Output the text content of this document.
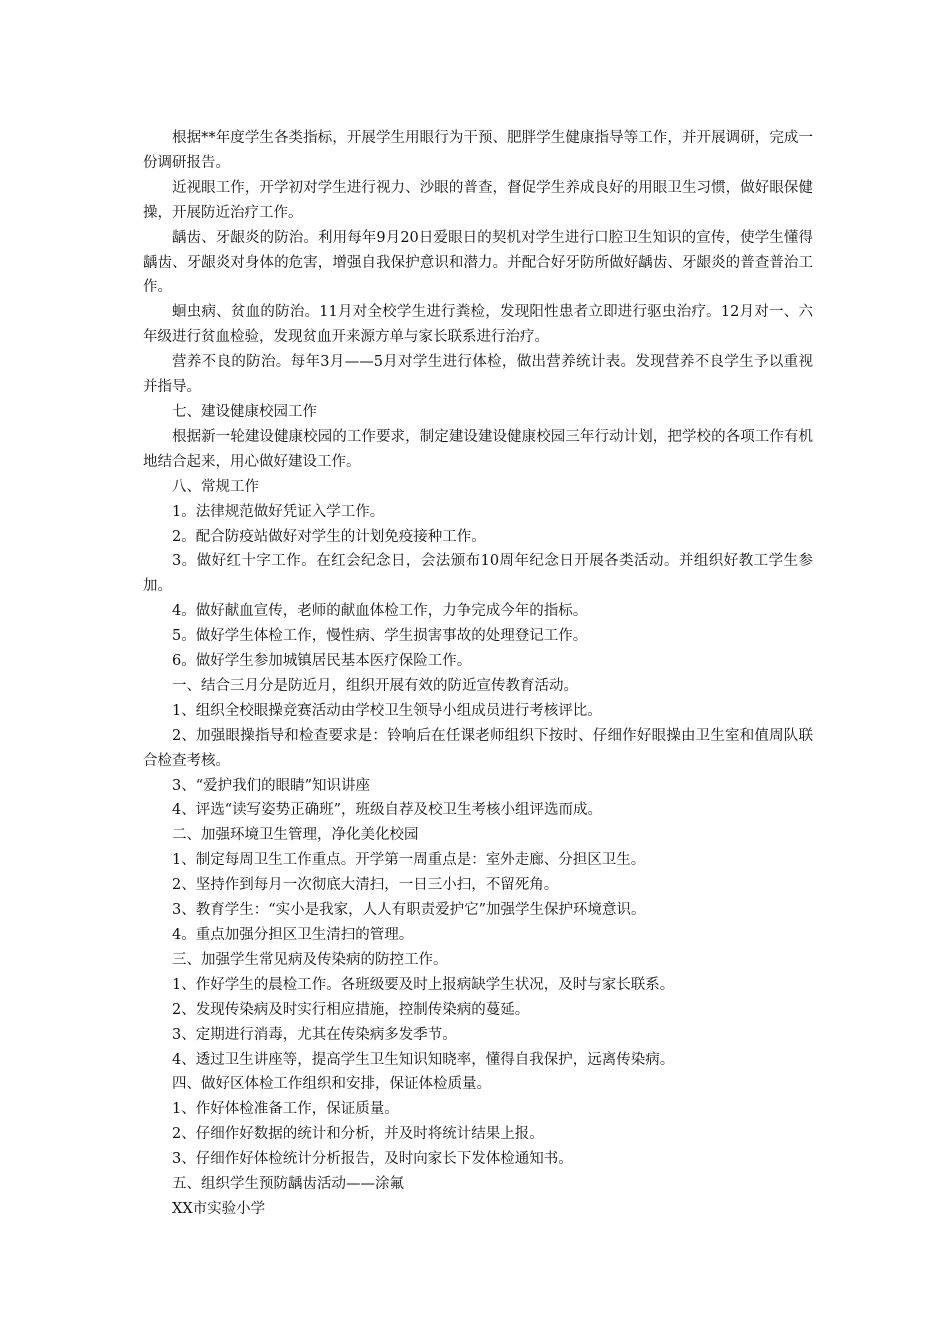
根据**年度学生各类指标，开展学生用眼行为干预、肥胖学生健康指导等工作，并开展调研，完成一份调研报告。

近视眼工作，开学初对学生进行视力、沙眼的普查，督促学生养成良好的用眼卫生习惯，做好眼保健操，开展防近治疗工作。

龋齿、牙龈炎的防治。利用每年9月20日爱眼日的契机对学生进行口腔卫生知识的宣传，使学生懂得龋齿、牙龈炎对身体的危害，增强自我保护意识和潜力。并配合好牙防所做好龋齿、牙龈炎的普查普治工作。

蛔虫病、贫血的防治。11月对全校学生进行粪检，发现阳性患者立即进行驱虫治疗。12月对一、六年级进行贫血检验，发现贫血开来源方单与家长联系进行治疗。

营养不良的防治。每年3月——5月对学生进行体检，做出营养统计表。发现营养不良学生予以重视并指导。

七、建设健康校园工作

根据新一轮建设健康校园的工作要求，制定建设建设健康校园三年行动计划，把学校的各项工作有机地结合起来，用心做好建设工作。

八、常规工作

1。法律规范做好凭证入学工作。

2。配合防疫站做好对学生的计划免疫接种工作。

3。做好红十字工作。在红会纪念日，会法颁布10周年纪念日开展各类活动。并组织好教工学生参加。

4。做好献血宣传，老师的献血体检工作，力争完成今年的指标。

5。做好学生体检工作，慢性病、学生损害事故的处理登记工作。

6。做好学生参加城镇居民基本医疗保险工作。

一、结合三月分是防近月，组织开展有效的防近宣传教育活动。

1、组织全校眼操竞赛活动由学校卫生领导小组成员进行考核评比。

2、加强眼操指导和检查要求是：铃响后在任课老师组织下按时、仔细作好眼操由卫生室和值周队联合检查考核。

3、“爱护我们的眼睛”知识讲座

4、评选“读写姿势正确班”，班级自荐及校卫生考核小组评选而成。

二、加强环境卫生管理，净化美化校园

1、制定每周卫生工作重点。开学第一周重点是：室外走廊、分担区卫生。

2、坚持作到每月一次彻底大清扫，一日三小扫，不留死角。

3、教育学生：“实小是我家，人人有职责爱护它”加强学生保护环境意识。

4。重点加强分担区卫生清扫的管理。

三、加强学生常见病及传染病的防控工作。

1、作好学生的晨检工作。各班级要及时上报病缺学生状况，及时与家长联系。

2、发现传染病及时实行相应措施，控制传染病的蔓延。

3、定期进行消毒，尤其在传染病多发季节。

4、透过卫生讲座等，提高学生卫生知识知晓率，懂得自我保护，远离传染病。

四、做好区体检工作组织和安排，保证体检质量。

1、作好体检准备工作，保证质量。

2、仔细作好数据的统计和分析，并及时将统计结果上报。

3、仔细作好体检统计分析报告，及时向家长下发体检通知书。

五、组织学生预防龋齿活动——涂氟

XX市实验小学
